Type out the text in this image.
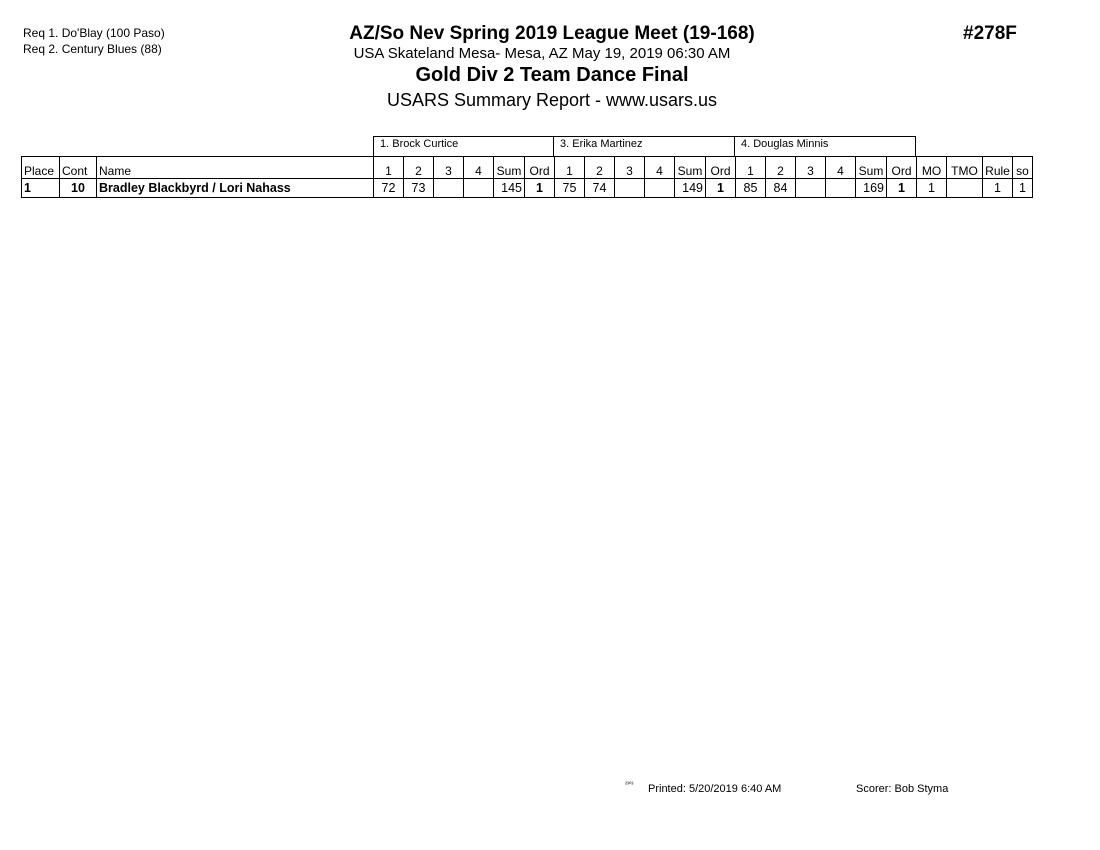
Req 1. Do'Blay (100 Paso)
Req 2. Century Blues (88)
AZ/So Nev Spring 2019 League Meet (19-168)
USA Skateland Mesa- Mesa, AZ May 19, 2019 06:30 AM
Gold Div 2 Team Dance Final
USARS Summary Report - www.usars.us
#278F
1. Brock Curtice	3. Erika Martinez	4. Douglas Minnis
Place	Cont	Name	1	2	3	4	Sum	Ord	1	2	3	4	Sum	Ord	1	2	3	4	Sum	Ord	MO	TMO	Rule	so
1	10	Bradley Blackbyrd / Lori Nahass	72	73			145	1	75	74			149	1	85	84			169	1	1		1	1
²³⁰³ Printed: 5/20/2019 6:40 AM	Scorer: Bob Styma
